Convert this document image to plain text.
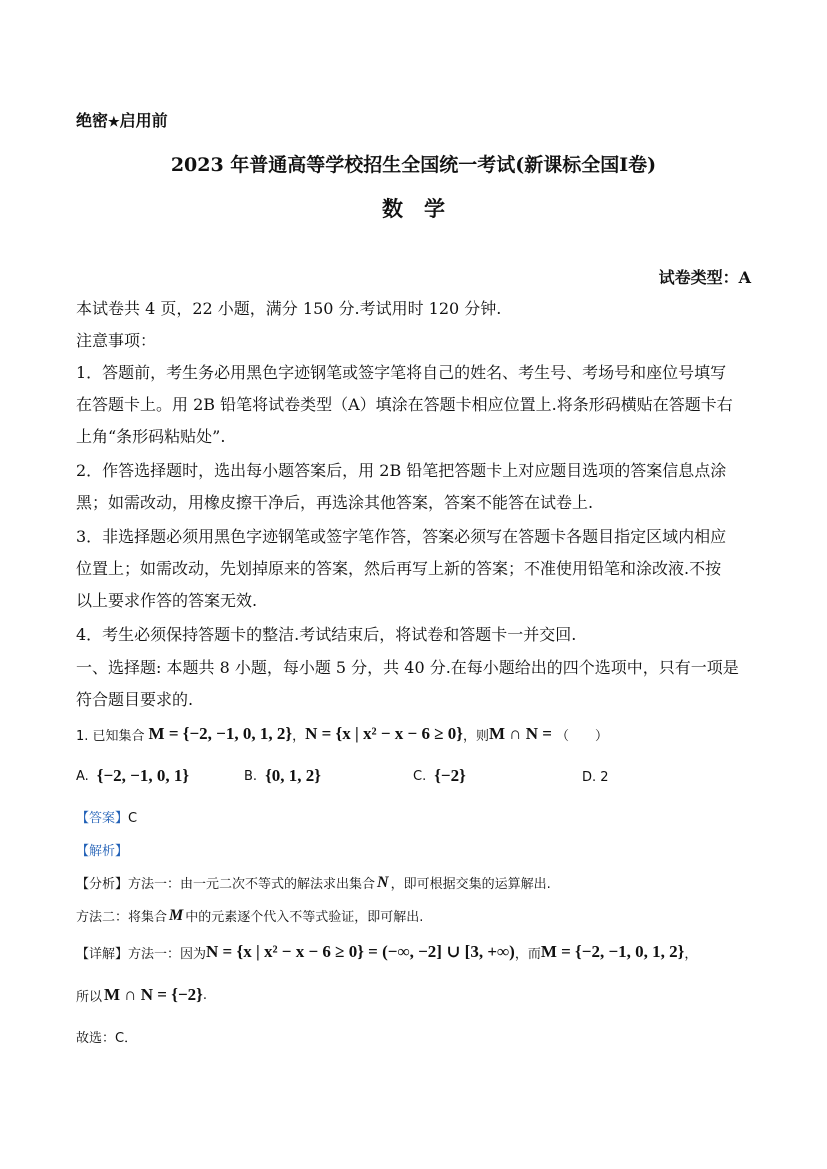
绝密★启用前
2023 年普通高等学校招生全国统一考试(新课标全国I卷)
数　学
试卷类型：A
本试卷共 4 页，22 小题，满分 150 分.考试用时 120 分钟.
注意事项：
1．答题前，考生务必用黑色字迹钢笔或签字笔将自己的姓名、考生号、考场号和座位号填写
在答题卡上。用 2B 铅笔将试卷类型（A）填涂在答题卡相应位置上.将条形码横贴在答题卡右
上角“条形码粘贴处”.
2．作答选择题时，选出每小题答案后，用 2B 铅笔把答题卡上对应题目选项的答案信息点涂
黑；如需改动，用橡皮擦干净后，再选涂其他答案，答案不能答在试卷上.
3．非选择题必须用黑色字迹钢笔或签字笔作答，答案必须写在答题卡各题目指定区域内相应
位置上；如需改动，先划掉原来的答案，然后再写上新的答案；不准使用铅笔和涂改液.不按
以上要求作答的答案无效.
4．考生必须保持答题卡的整洁.考试结束后，将试卷和答题卡一并交回.
一、选择题: 本题共 8 小题，每小题 5 分，共 40 分.在每小题给出的四个选项中，只有一项是
符合题目要求的.
1. 已知集合 M = {−2, −1, 0, 1, 2} ， N = {x | x² − x − 6 ≥ 0} ，则 M ∩ N = （　　）
A. {−2, −1, 0, 1}	B. {0, 1, 2}	C. {−2}	D. 2
【答案】C
【解析】
【分析】 方法一：由一元二次不等式的解法求出集合 N ，即可根据交集的运算解出.
方法二：将集合 M 中的元素逐个代入不等式验证，即可解出.
【详解】 方法一：因为 N = {x | x² − x − 6 ≥ 0} = (−∞, −2] ∪ [3, +∞) ，而 M = {−2, −1, 0, 1, 2} ，
所以 M ∩ N = {−2} .
故选：C．
